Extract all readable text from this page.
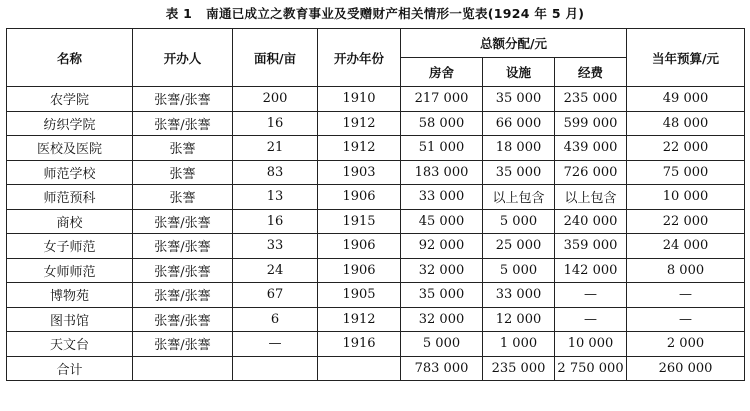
表 1 南通已成立之教育事业及受赠财产相关情形一览表(1924 年 5 月)
名称	开办人	面积/亩	开办年份	总额分配/元			当年预算/元
				房舍	设施	经费	
农学院	张謇/张謇	200	1910	217 000	35 000	235 000	49 000
纺织学院	张謇/张謇	16	1912	58 000	66 000	599 000	48 000
医校及医院	张謇	21	1912	51 000	18 000	439 000	22 000
师范学校	张謇	83	1903	183 000	35 000	726 000	75 000
师范预科	张謇	13	1906	33 000	以上包含	以上包含	10 000
商校	张謇/张謇	16	1915	45 000	5 000	240 000	22 000
女子师范	张謇/张謇	33	1906	92 000	25 000	359 000	24 000
女师师范	张謇/张謇	24	1906	32 000	5 000	142 000	8 000
博物苑	张謇/张謇	67	1905	35 000	33 000	—	—
图书馆	张謇/张謇	6	1912	32 000	12 000	—	—
天文台	张謇/张謇	—	1916	5 000	1 000	10 000	2 000
合计				783 000	235 000	2 750 000	260 000
